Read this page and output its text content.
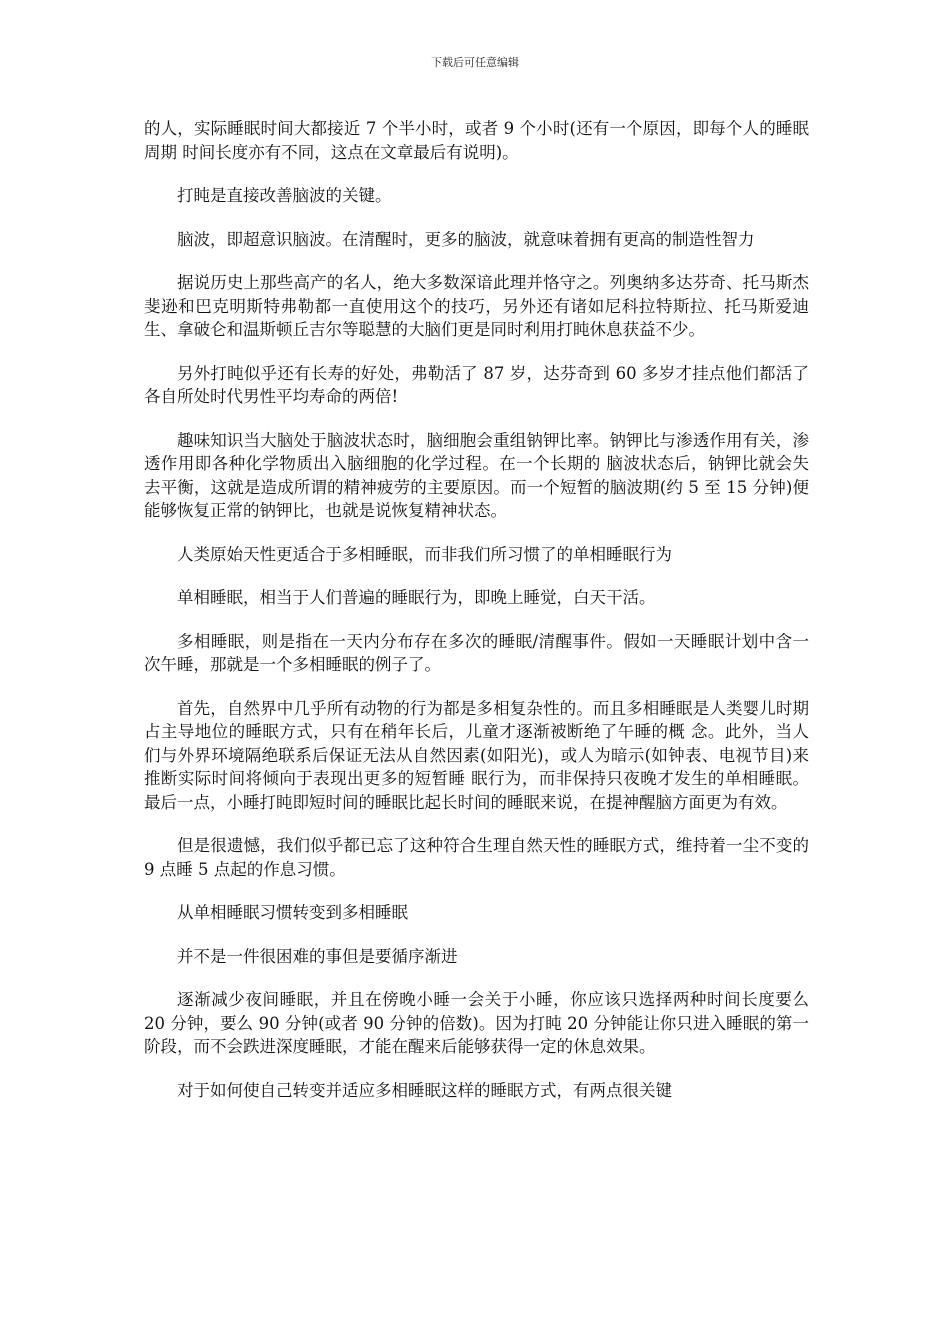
下载后可任意编辑

的人，实际睡眠时间大都接近 7 个半小时，或者 9 个小时(还有一个原因，即每个人的睡眠周期 时间长度亦有不同，这点在文章最后有说明)。

打盹是直接改善脑波的关键。

脑波，即超意识脑波。在清醒时，更多的脑波，就意味着拥有更高的制造性智力

据说历史上那些高产的名人，绝大多数深谙此理并恪守之。列奥纳多达芬奇、托马斯杰斐逊和巴克明斯特弗勒都一直使用这个的技巧，另外还有诸如尼科拉特斯拉、托马斯爱迪生、拿破仑和温斯顿丘吉尔等聪慧的大脑们更是同时利用打盹休息获益不少。

另外打盹似乎还有长寿的好处，弗勒活了 87 岁，达芬奇到 60 多岁才挂点他们都活了各自所处时代男性平均寿命的两倍!

趣味知识当大脑处于脑波状态时，脑细胞会重组钠钾比率。钠钾比与渗透作用有关，渗透作用即各种化学物质出入脑细胞的化学过程。在一个长期的 脑波状态后，钠钾比就会失去平衡，这就是造成所谓的精神疲劳的主要原因。而一个短暂的脑波期(约 5 至 15 分钟)便能够恢复正常的钠钾比，也就是说恢复精神状态。

人类原始天性更适合于多相睡眠，而非我们所习惯了的单相睡眠行为

单相睡眠，相当于人们普遍的睡眠行为，即晚上睡觉，白天干活。

多相睡眠，则是指在一天内分布存在多次的睡眠/清醒事件。假如一天睡眠计划中含一次午睡，那就是一个多相睡眠的例子了。

首先，自然界中几乎所有动物的行为都是多相复杂性的。而且多相睡眠是人类婴儿时期占主导地位的睡眠方式，只有在稍年长后，儿童才逐渐被断绝了午睡的概 念。此外，当人们与外界环境隔绝联系后保证无法从自然因素(如阳光)，或人为暗示(如钟表、电视节目)来推断实际时间将倾向于表现出更多的短暂睡 眠行为，而非保持只夜晚才发生的单相睡眠。最后一点，小睡打盹即短时间的睡眠比起长时间的睡眠来说，在提神醒脑方面更为有效。

但是很遗憾，我们似乎都已忘了这种符合生理自然天性的睡眠方式，维持着一尘不变的 9 点睡 5 点起的作息习惯。

从单相睡眠习惯转变到多相睡眠

并不是一件很困难的事但是要循序渐进

逐渐减少夜间睡眠，并且在傍晚小睡一会关于小睡，你应该只选择两种时间长度要么 20 分钟，要么 90 分钟(或者 90 分钟的倍数)。因为打盹 20 分钟能让你只进入睡眠的第一阶段，而不会跌进深度睡眠，才能在醒来后能够获得一定的休息效果。

对于如何使自己转变并适应多相睡眠这样的睡眠方式，有两点很关键
